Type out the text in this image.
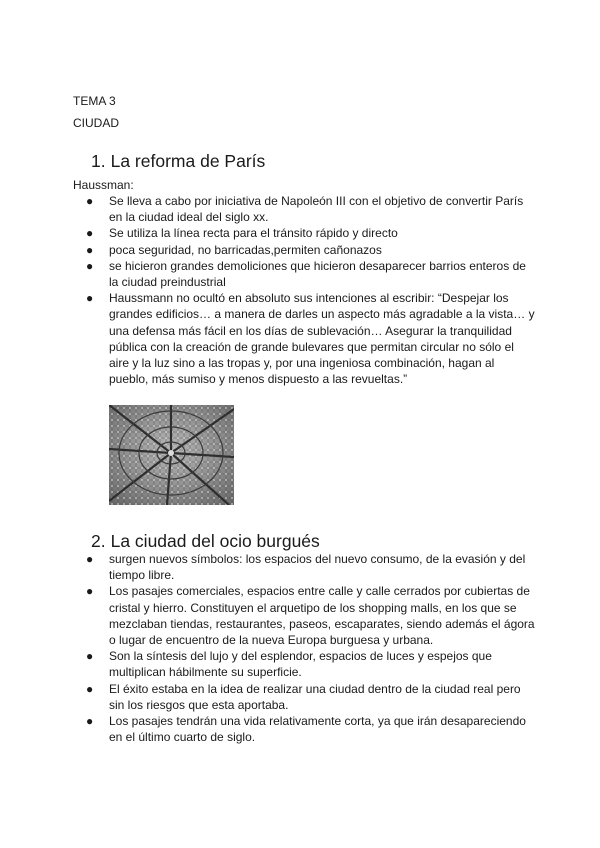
TEMA 3
CIUDAD
1. La reforma de París
Haussman:
● Se lleva a cabo por iniciativa de Napoleón III con el objetivo de convertir París en la ciudad ideal del siglo xx.
● Se utiliza la línea recta para el tránsito rápido y directo
● poca seguridad, no barricadas,permiten cañonazos
● se hicieron grandes demoliciones que hicieron desaparecer barrios enteros de la ciudad preindustrial
● Haussmann no ocultó en absoluto sus intenciones al escribir: “Despejar los grandes edificios… a manera de darles un aspecto más agradable a la vista… y una defensa más fácil en los días de sublevación… Asegurar la tranquilidad pública con la creación de grande bulevares que permitan circular no sólo el aire y la luz sino a las tropas y, por una ingeniosa combinación, hagan al pueblo, más sumiso y menos dispuesto a las revueltas.”
2. La ciudad del ocio burgués
● surgen nuevos símbolos: los espacios del nuevo consumo, de la evasión y del tiempo libre.
● Los pasajes comerciales, espacios entre calle y calle cerrados por cubiertas de cristal y hierro. Constituyen el arquetipo de los shopping malls, en los que se mezclaban tiendas, restaurantes, paseos, escaparates, siendo además el ágora o lugar de encuentro de la nueva Europa burguesa y urbana.
● Son la síntesis del lujo y del esplendor, espacios de luces y espejos que multiplican hábilmente su superficie.
● El éxito estaba en la idea de realizar una ciudad dentro de la ciudad real pero sin los riesgos que esta aportaba.
● Los pasajes tendrán una vida relativamente corta, ya que irán desapareciendo en el último cuarto de siglo.
